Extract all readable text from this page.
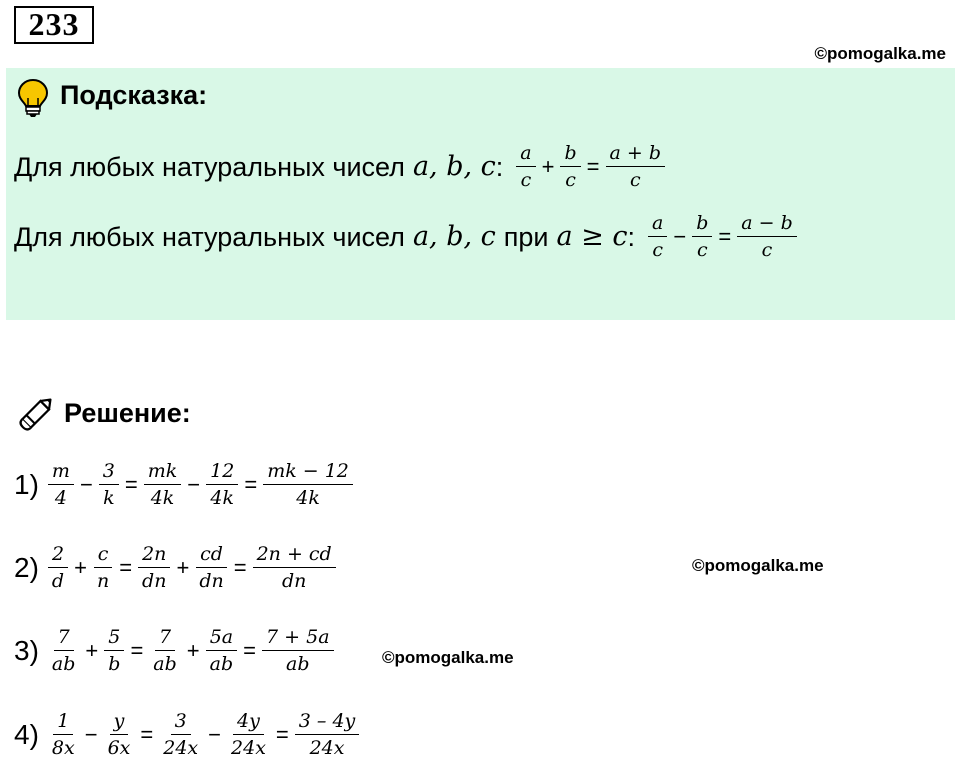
233
©pomogalka.me
©pomogalka.me
©pomogalka.me
Подсказка:
Для любых натуральных чисел a, b, c : $\frac{a}{c} + \frac{b}{c} = \frac{a + b}{c}$
Для любых натуральных чисел a, b, c при a ≥ c : $\frac{a}{c} - \frac{b}{c} = \frac{a - b}{c}$
Решение:
$1) \frac{m}{4} - \frac{3}{k} = \frac{mk}{4k} - \frac{12}{4k} = \frac{mk - 12}{4k}$
$2) \frac{2}{d} + \frac{c}{n} = \frac{2n}{dn} + \frac{cd}{dn} = \frac{2n + cd}{dn}$
$3) \frac{7}{ab} + \frac{5}{b} = \frac{7}{ab} + \frac{5a}{ab} = \frac{7 + 5a}{ab}$
$4) \frac{1}{8x} - \frac{y}{6x} = \frac{3}{24x} - \frac{4y}{24x} = \frac{3 - 4y}{24x}$
